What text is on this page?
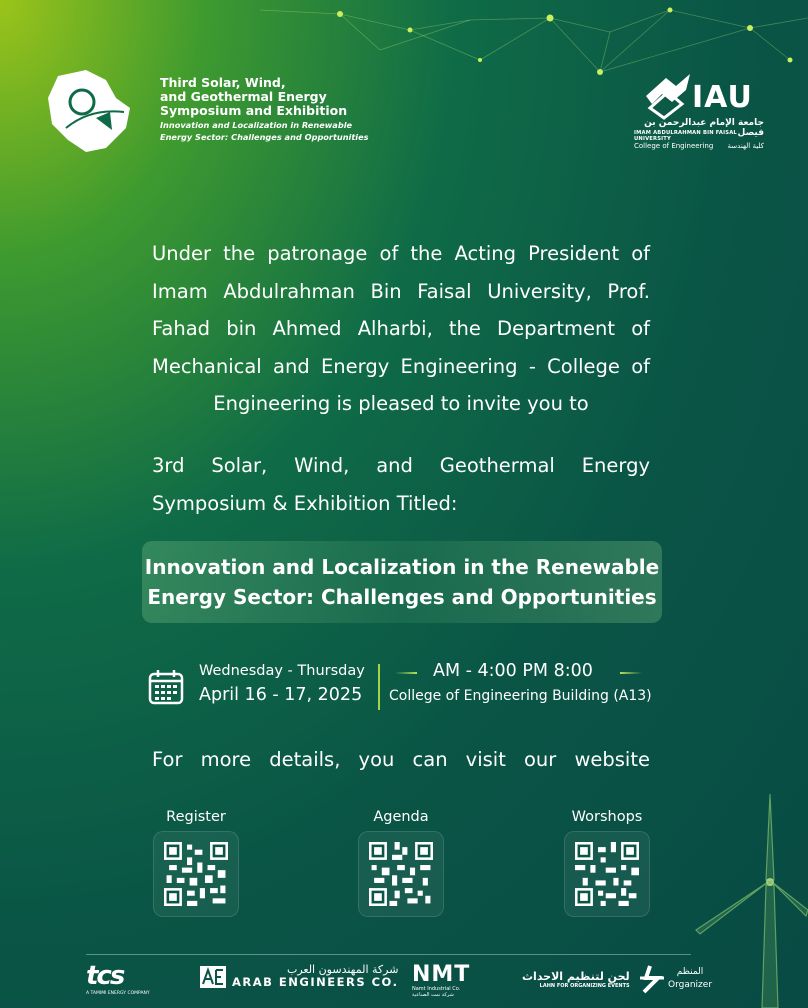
Third Solar, Wind,
and Geothermal Energy
Symposium and Exhibition
Innovation and Localization in Renewable
Energy Sector: Challenges and Opportunities
IAU
جامعة الإمام عبدالرحمن بن فيصل
IMAM ABDULRAHMAN BIN FAISAL UNIVERSITY
College of Engineering كلية الهندسة
Under the patronage of the Acting President of Imam Abdulrahman Bin Faisal University, Prof. Fahad bin Ahmed Alharbi, the Department of Mechanical and Energy Engineering - College of Engineering is pleased to invite you to
3rd Solar, Wind, and Geothermal Energy Symposium & Exhibition Titled:
Innovation and Localization in the Renewable
Energy Sector: Challenges and Opportunities
Wednesday - Thursday
April 16 - 17, 2025
AM - 4:00 PM 8:00
College of Engineering Building (A13)
For more details, you can visit our website
Register	Agenda	Worshops
tcs
A TAMIMI ENERGY COMPANY
شركة المهندسون العرب
ARAB ENGINEERS CO. NMT
Namt Industrial Co.
شركة نمت الصناعية
لحن لتنظيم الاحداث
LAHN FOR ORGANIZING EVENTS
المنظم
Organizer
